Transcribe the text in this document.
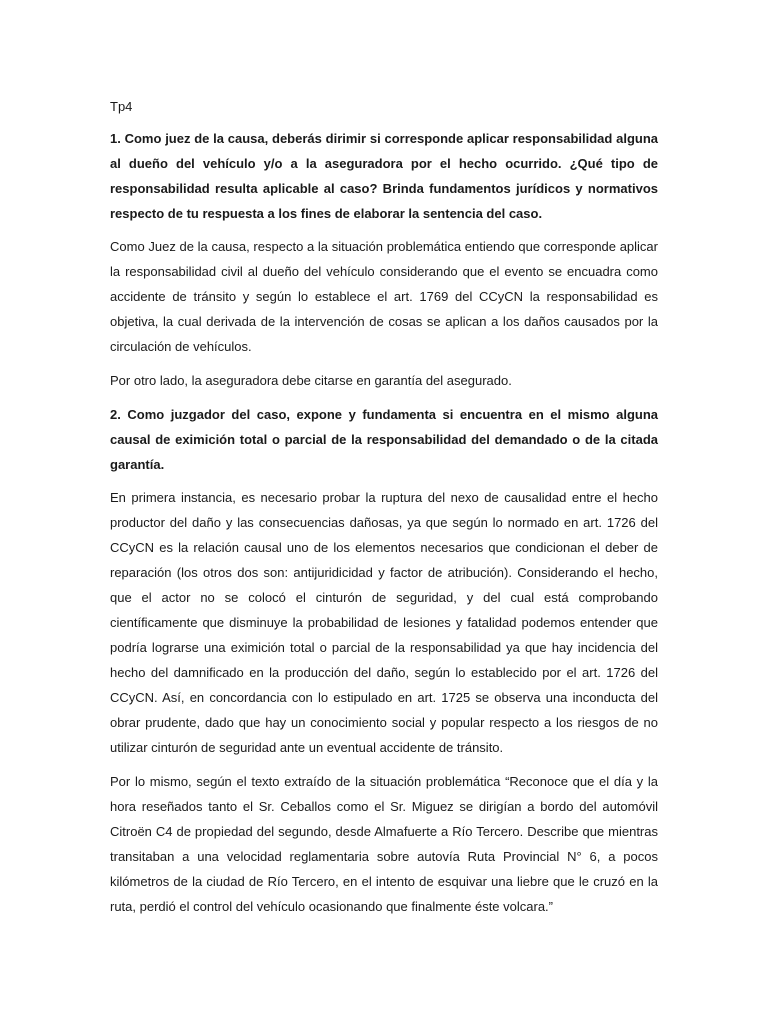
Tp4

1. Como juez de la causa, deberás dirimir si corresponde aplicar responsabilidad alguna al dueño del vehículo y/o a la aseguradora por el hecho ocurrido. ¿Qué tipo de responsabilidad resulta aplicable al caso? Brinda fundamentos jurídicos y normativos respecto de tu respuesta a los fines de elaborar la sentencia del caso.

Como Juez de la causa, respecto a la situación problemática entiendo que corresponde aplicar la responsabilidad civil al dueño del vehículo considerando que el evento se encuadra como accidente de tránsito y según lo establece el art. 1769 del CCyCN la responsabilidad es objetiva, la cual derivada de la intervención de cosas se aplican a los daños causados por la circulación de vehículos.

Por otro lado, la aseguradora debe citarse en garantía del asegurado.

2. Como juzgador del caso, expone y fundamenta si encuentra en el mismo alguna causal de eximición total o parcial de la responsabilidad del demandado o de la citada garantía.

En primera instancia, es necesario probar la ruptura del nexo de causalidad entre el hecho productor del daño y las consecuencias dañosas, ya que según lo normado en art. 1726 del CCyCN es la relación causal uno de los elementos necesarios que condicionan el deber de reparación (los otros dos son: antijuridicidad y factor de atribución). Considerando el hecho, que el actor no se colocó el cinturón de seguridad, y del cual está comprobando científicamente que disminuye la probabilidad de lesiones y fatalidad podemos entender que podría lograrse una eximición total o parcial de la responsabilidad ya que hay incidencia del hecho del damnificado en la producción del daño, según lo establecido por el art. 1726 del CCyCN. Así, en concordancia con lo estipulado en art. 1725 se observa una inconducta del obrar prudente, dado que hay un conocimiento social y popular respecto a los riesgos de no utilizar cinturón de seguridad ante un eventual accidente de tránsito.

Por lo mismo, según el texto extraído de la situación problemática “Reconoce que el día y la hora reseñados tanto el Sr. Ceballos como el Sr. Miguez se dirigían a bordo del automóvil Citroën C4 de propiedad del segundo, desde Almafuerte a Río Tercero. Describe que mientras transitaban a una velocidad reglamentaria sobre autovía Ruta Provincial N° 6, a pocos kilómetros de la ciudad de Río Tercero, en el intento de esquivar una liebre que le cruzó en la ruta, perdió el control del vehículo ocasionando que finalmente éste volcara.”
